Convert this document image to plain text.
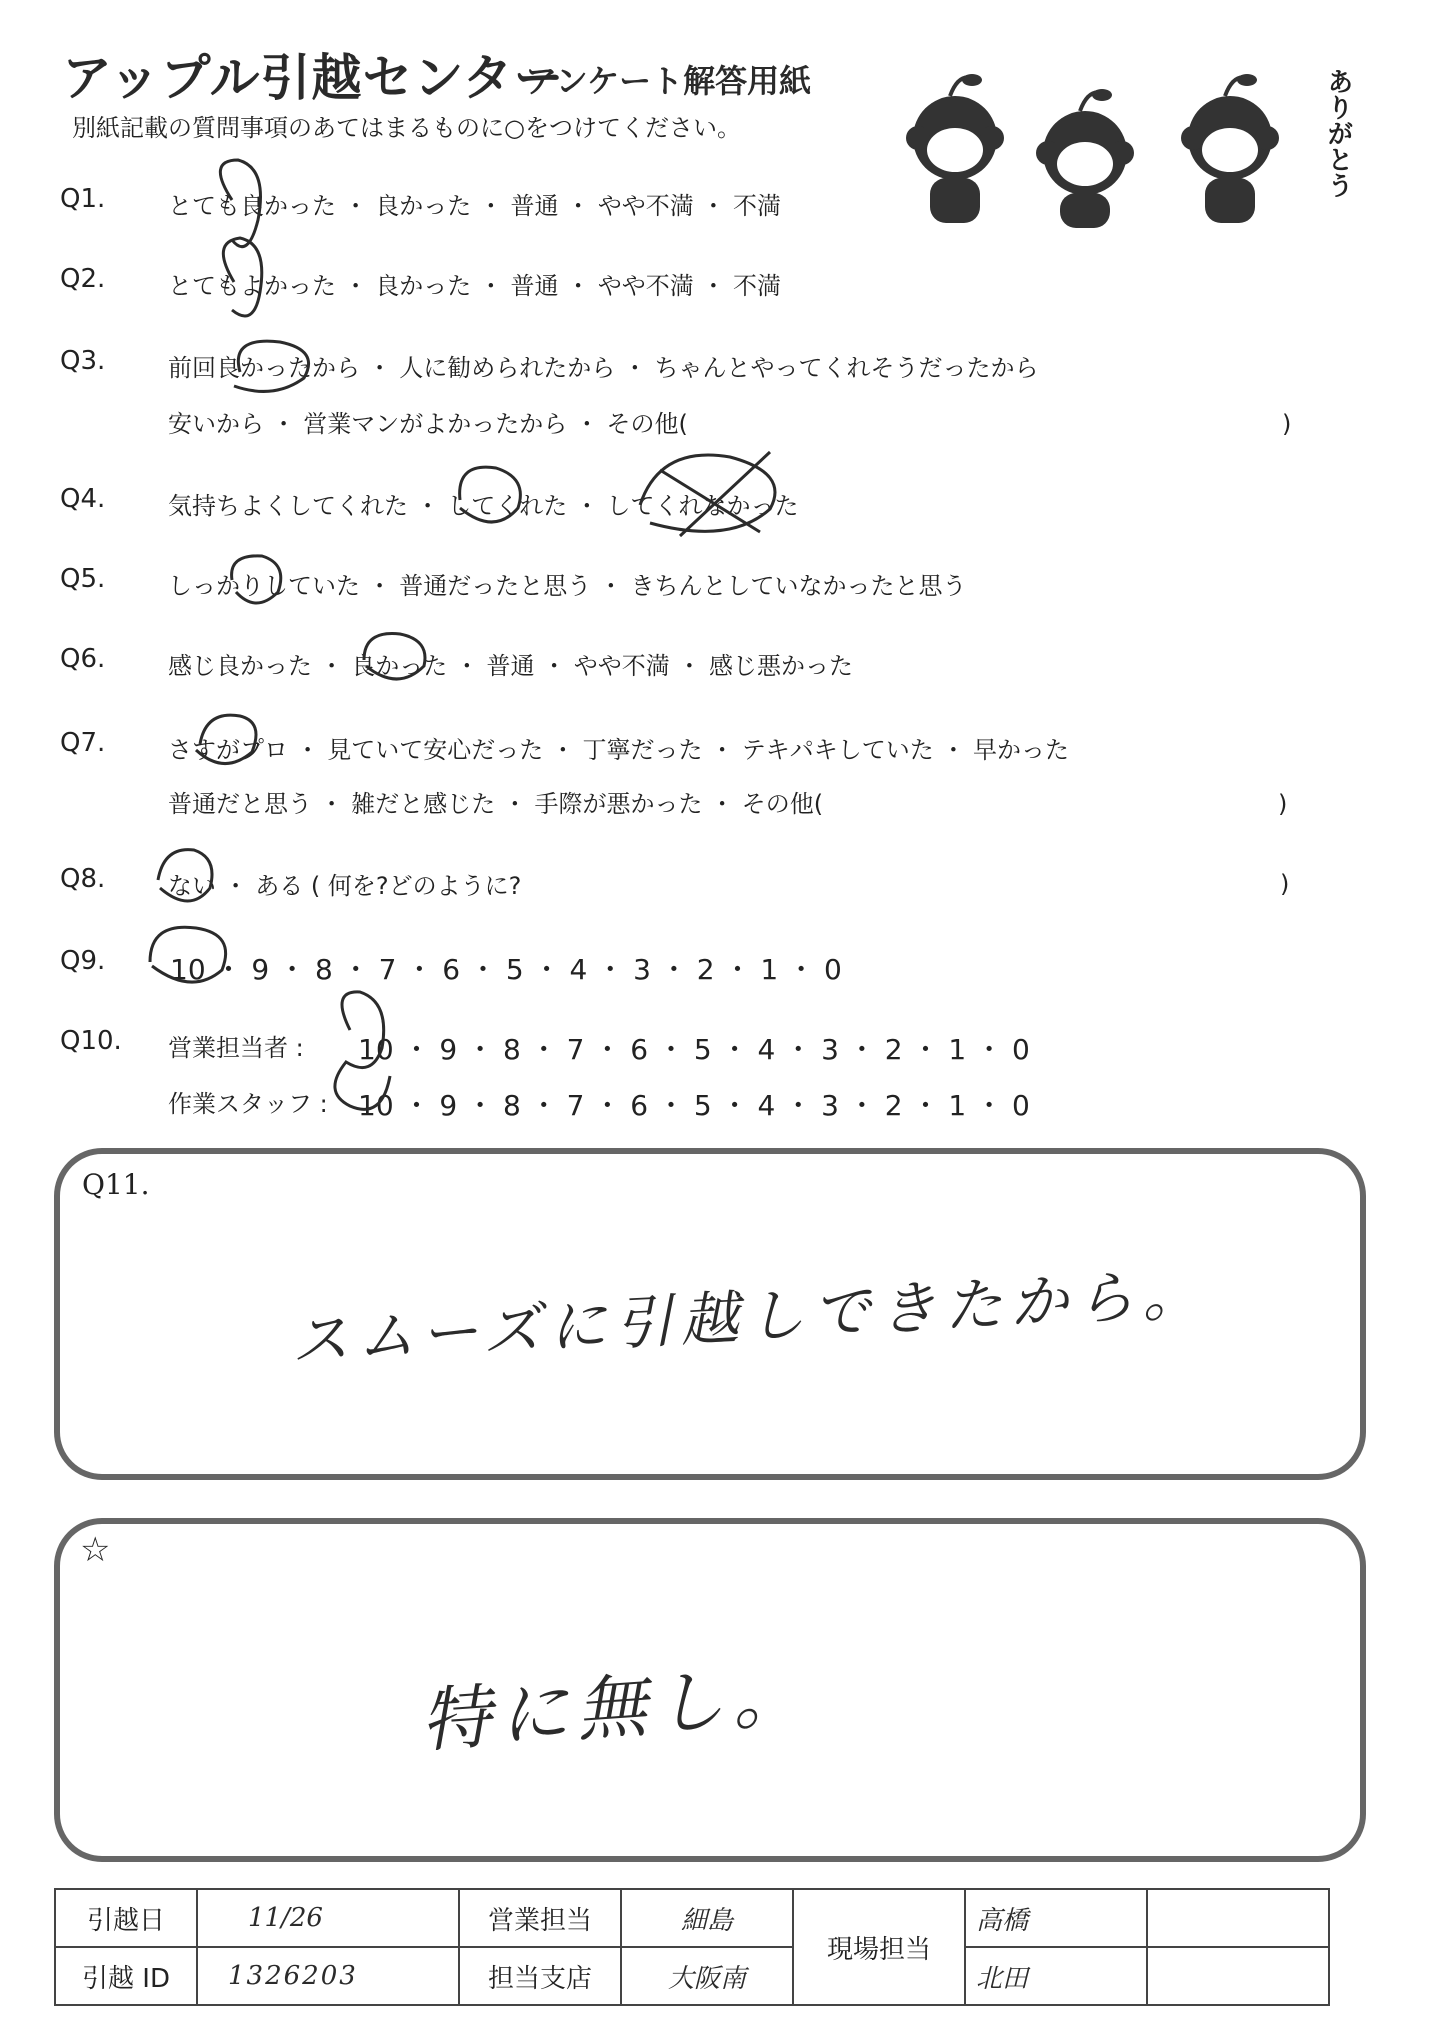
アップル引越センター
アンケート解答用紙
別紙記載の質問事項のあてはまるものに○をつけてください。	ありがとう
Q1.	とても良かった ・ 良かった ・ 普通 ・ やや不満 ・ 不満
Q2.	とてもよかった ・ 良かった ・ 普通 ・ やや不満 ・ 不満
Q3.	前回良かったから ・ 人に勧められたから ・ ちゃんとやってくれそうだったから
安いから ・ 営業マンがよかったから ・ その他(	)
Q4.	気持ちよくしてくれた ・ してくれた ・ してくれなかった
Q5.	しっかりしていた ・ 普通だったと思う ・ きちんとしていなかったと思う
Q6.	感じ良かった ・ 良かった ・ 普通 ・ やや不満 ・ 感じ悪かった
Q7.	さすがプロ ・ 見ていて安心だった ・ 丁寧だった ・ テキパキしていた ・ 早かった
普通だと思う ・ 雑だと感じた ・ 手際が悪かった ・ その他(	)
Q8.	ない ・ ある ( 何を?どのように?	)
Q9. 10 ・ 9 ・ 8 ・ 7 ・ 6 ・ 5 ・ 4 ・ 3 ・ 2 ・ 1 ・ 0
Q10. 営業担当者 : 10 ・ 9 ・ 8 ・ 7 ・ 6 ・ 5 ・ 4 ・ 3 ・ 2 ・ 1 ・ 0
作業スタッフ : 10 ・ 9 ・ 8 ・ 7 ・ 6 ・ 5 ・ 4 ・ 3 ・ 2 ・ 1 ・ 0
Q11.
スムーズに引越しできたから。
☆
特に無し。
引越日	11/26	営業担当	細島	現場担当	高橋	
引越 ID	1326203	担当支店	大阪南		北田	
